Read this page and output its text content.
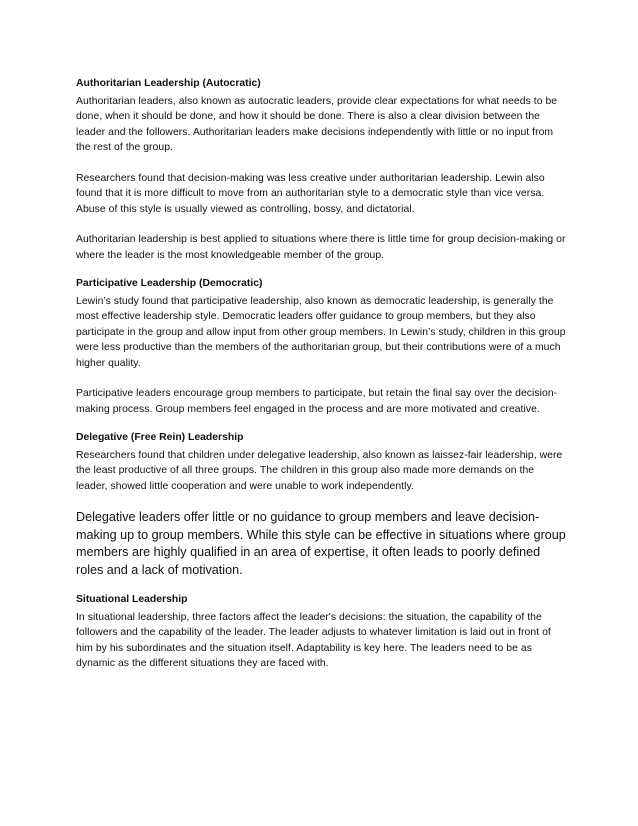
Authoritarian Leadership (Autocratic)

Authoritarian leaders, also known as autocratic leaders, provide clear expectations for what needs to be done, when it should be done, and how it should be done. There is also a clear division between the leader and the followers. Authoritarian leaders make decisions independently with little or no input from the rest of the group.

Researchers found that decision-making was less creative under authoritarian leadership. Lewin also found that it is more difficult to move from an authoritarian style to a democratic style than vice versa. Abuse of this style is usually viewed as controlling, bossy, and dictatorial.

Authoritarian leadership is best applied to situations where there is little time for group decision-making or where the leader is the most knowledgeable member of the group.

Participative Leadership (Democratic)

Lewin’s study found that participative leadership, also known as democratic leadership, is generally the most effective leadership style. Democratic leaders offer guidance to group members, but they also participate in the group and allow input from other group members. In Lewin’s study, children in this group were less productive than the members of the authoritarian group, but their contributions were of a much higher quality.

Participative leaders encourage group members to participate, but retain the final say over the decision-making process. Group members feel engaged in the process and are more motivated and creative.

Delegative (Free Rein) Leadership

Researchers found that children under delegative leadership, also known as laissez-fair leadership, were the least productive of all three groups. The children in this group also made more demands on the leader, showed little cooperation and were unable to work independently.

Delegative leaders offer little or no guidance to group members and leave decision-making up to group members. While this style can be effective in situations where group members are highly qualified in an area of expertise, it often leads to poorly defined roles and a lack of motivation.

Situational Leadership

In situational leadership, three factors affect the leader's decisions: the situation, the capability of the followers and the capability of the leader. The leader adjusts to whatever limitation is laid out in front of him by his subordinates and the situation itself. Adaptability is key here. The leaders need to be as dynamic as the different situations they are faced with.
